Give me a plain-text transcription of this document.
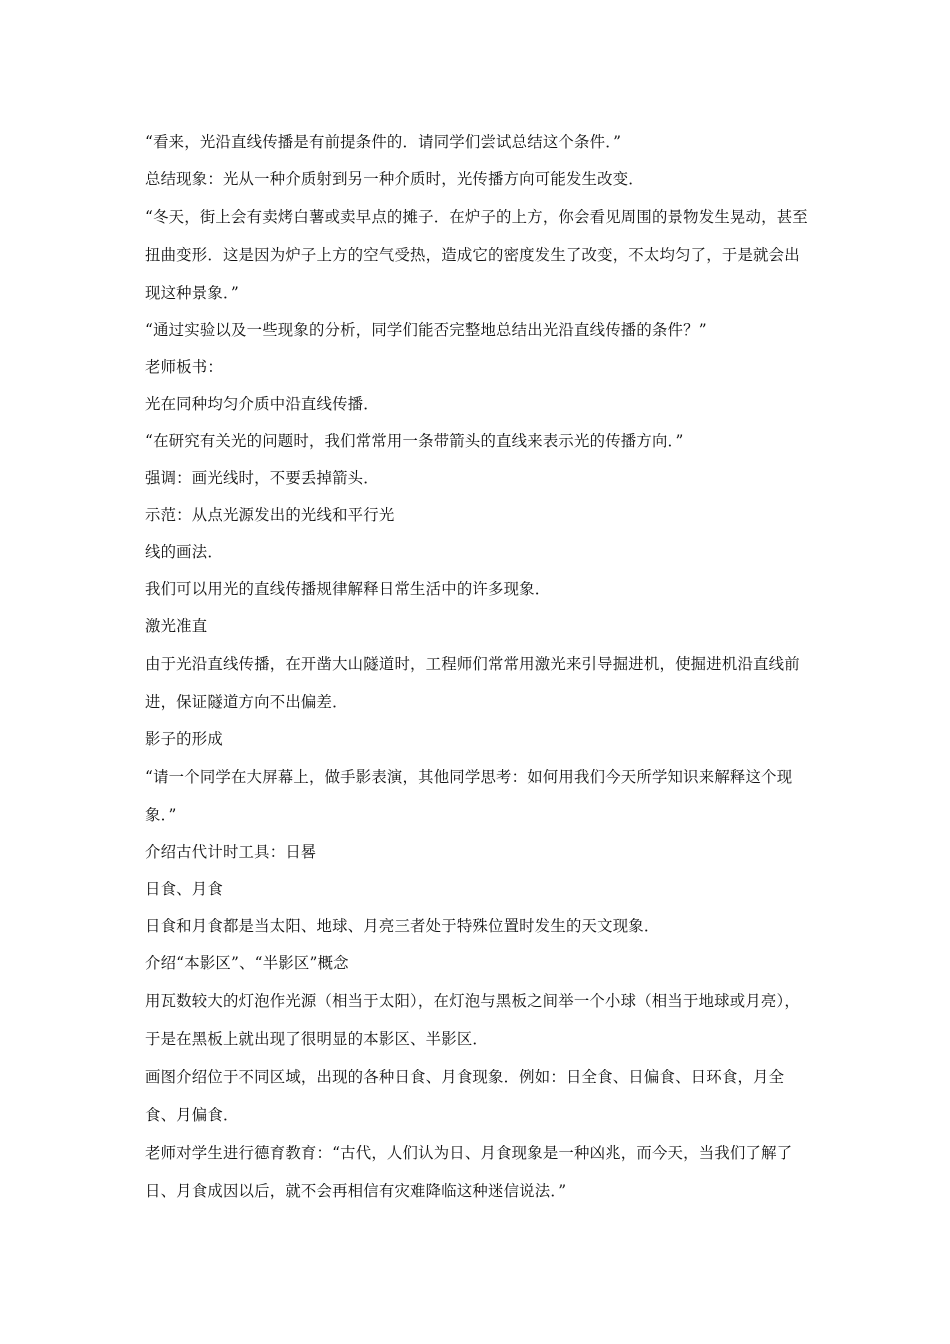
“看来，光沿直线传播是有前提条件的．请同学们尝试总结这个条件．”

总结现象：光从一种介质射到另一种介质时，光传播方向可能发生改变．

“冬天，街上会有卖烤白薯或卖早点的摊子．在炉子的上方，你会看见周围的景物发生晃动，甚至扭曲变形．这是因为炉子上方的空气受热，造成它的密度发生了改变，不太均匀了，于是就会出现这种景象．”

“通过实验以及一些现象的分析，同学们能否完整地总结出光沿直线传播的条件？”

老师板书：

光在同种均匀介质中沿直线传播．

“在研究有关光的问题时，我们常常用一条带箭头的直线来表示光的传播方向．”

强调：画光线时，不要丢掉箭头．

示范：从点光源发出的光线和平行光

线的画法．

我们可以用光的直线传播规律解释日常生活中的许多现象．

激光准直

由于光沿直线传播，在开凿大山隧道时，工程师们常常用激光来引导掘进机，使掘进机沿直线前进，保证隧道方向不出偏差．

影子的形成

“请一个同学在大屏幕上，做手影表演，其他同学思考：如何用我们今天所学知识来解释这个现象．”

介绍古代计时工具：日晷

日食、月食

日食和月食都是当太阳、地球、月亮三者处于特殊位置时发生的天文现象．

介绍“本影区”、“半影区”概念

用瓦数较大的灯泡作光源（相当于太阳），在灯泡与黑板之间举一个小球（相当于地球或月亮），于是在黑板上就出现了很明显的本影区、半影区．

画图介绍位于不同区域，出现的各种日食、月食现象．例如：日全食、日偏食、日环食，月全食、月偏食．

老师对学生进行德育教育：“古代，人们认为日、月食现象是一种凶兆，而今天，当我们了解了日、月食成因以后，就不会再相信有灾难降临这种迷信说法．”
